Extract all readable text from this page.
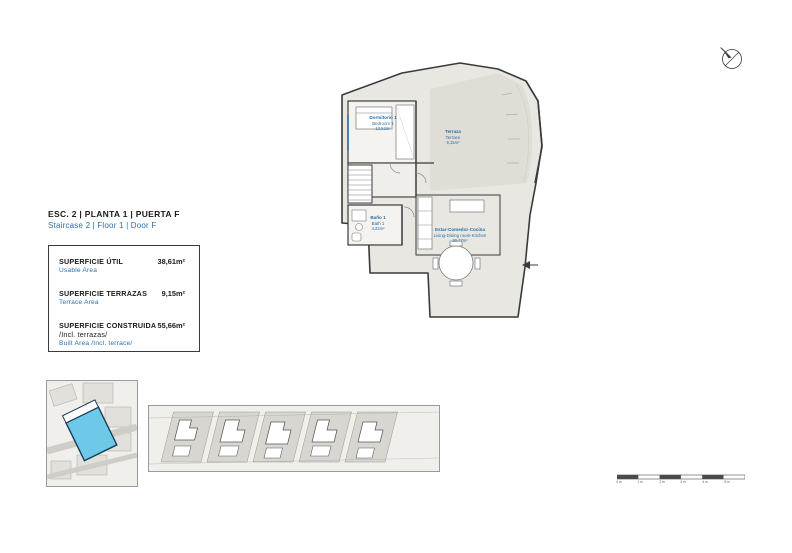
ESC. 2 | PLANTA 1 | PUERTA F
Staircase 2 | Floor 1 | Door F
SUPERFICIE ÚTIL
Usable Area
38,61m²
SUPERFICIE TERRAZAS
Terrace Area
9,15m²
SUPERFICIE CONSTRUIDA
/Incl. terrazas/
Built Area /Incl. terrace/
55,66m²
Dormitorio 1
Bedroom 1
13,52m²
Terraza
Terrace
9,15m²
Baño 1
Bath 1
4,22m²	Estar-Comedor-Cocina
Living-Dining room-Kitchen
20,77m²
0 m	1 m	2 m	3 m	4 m	5 m
